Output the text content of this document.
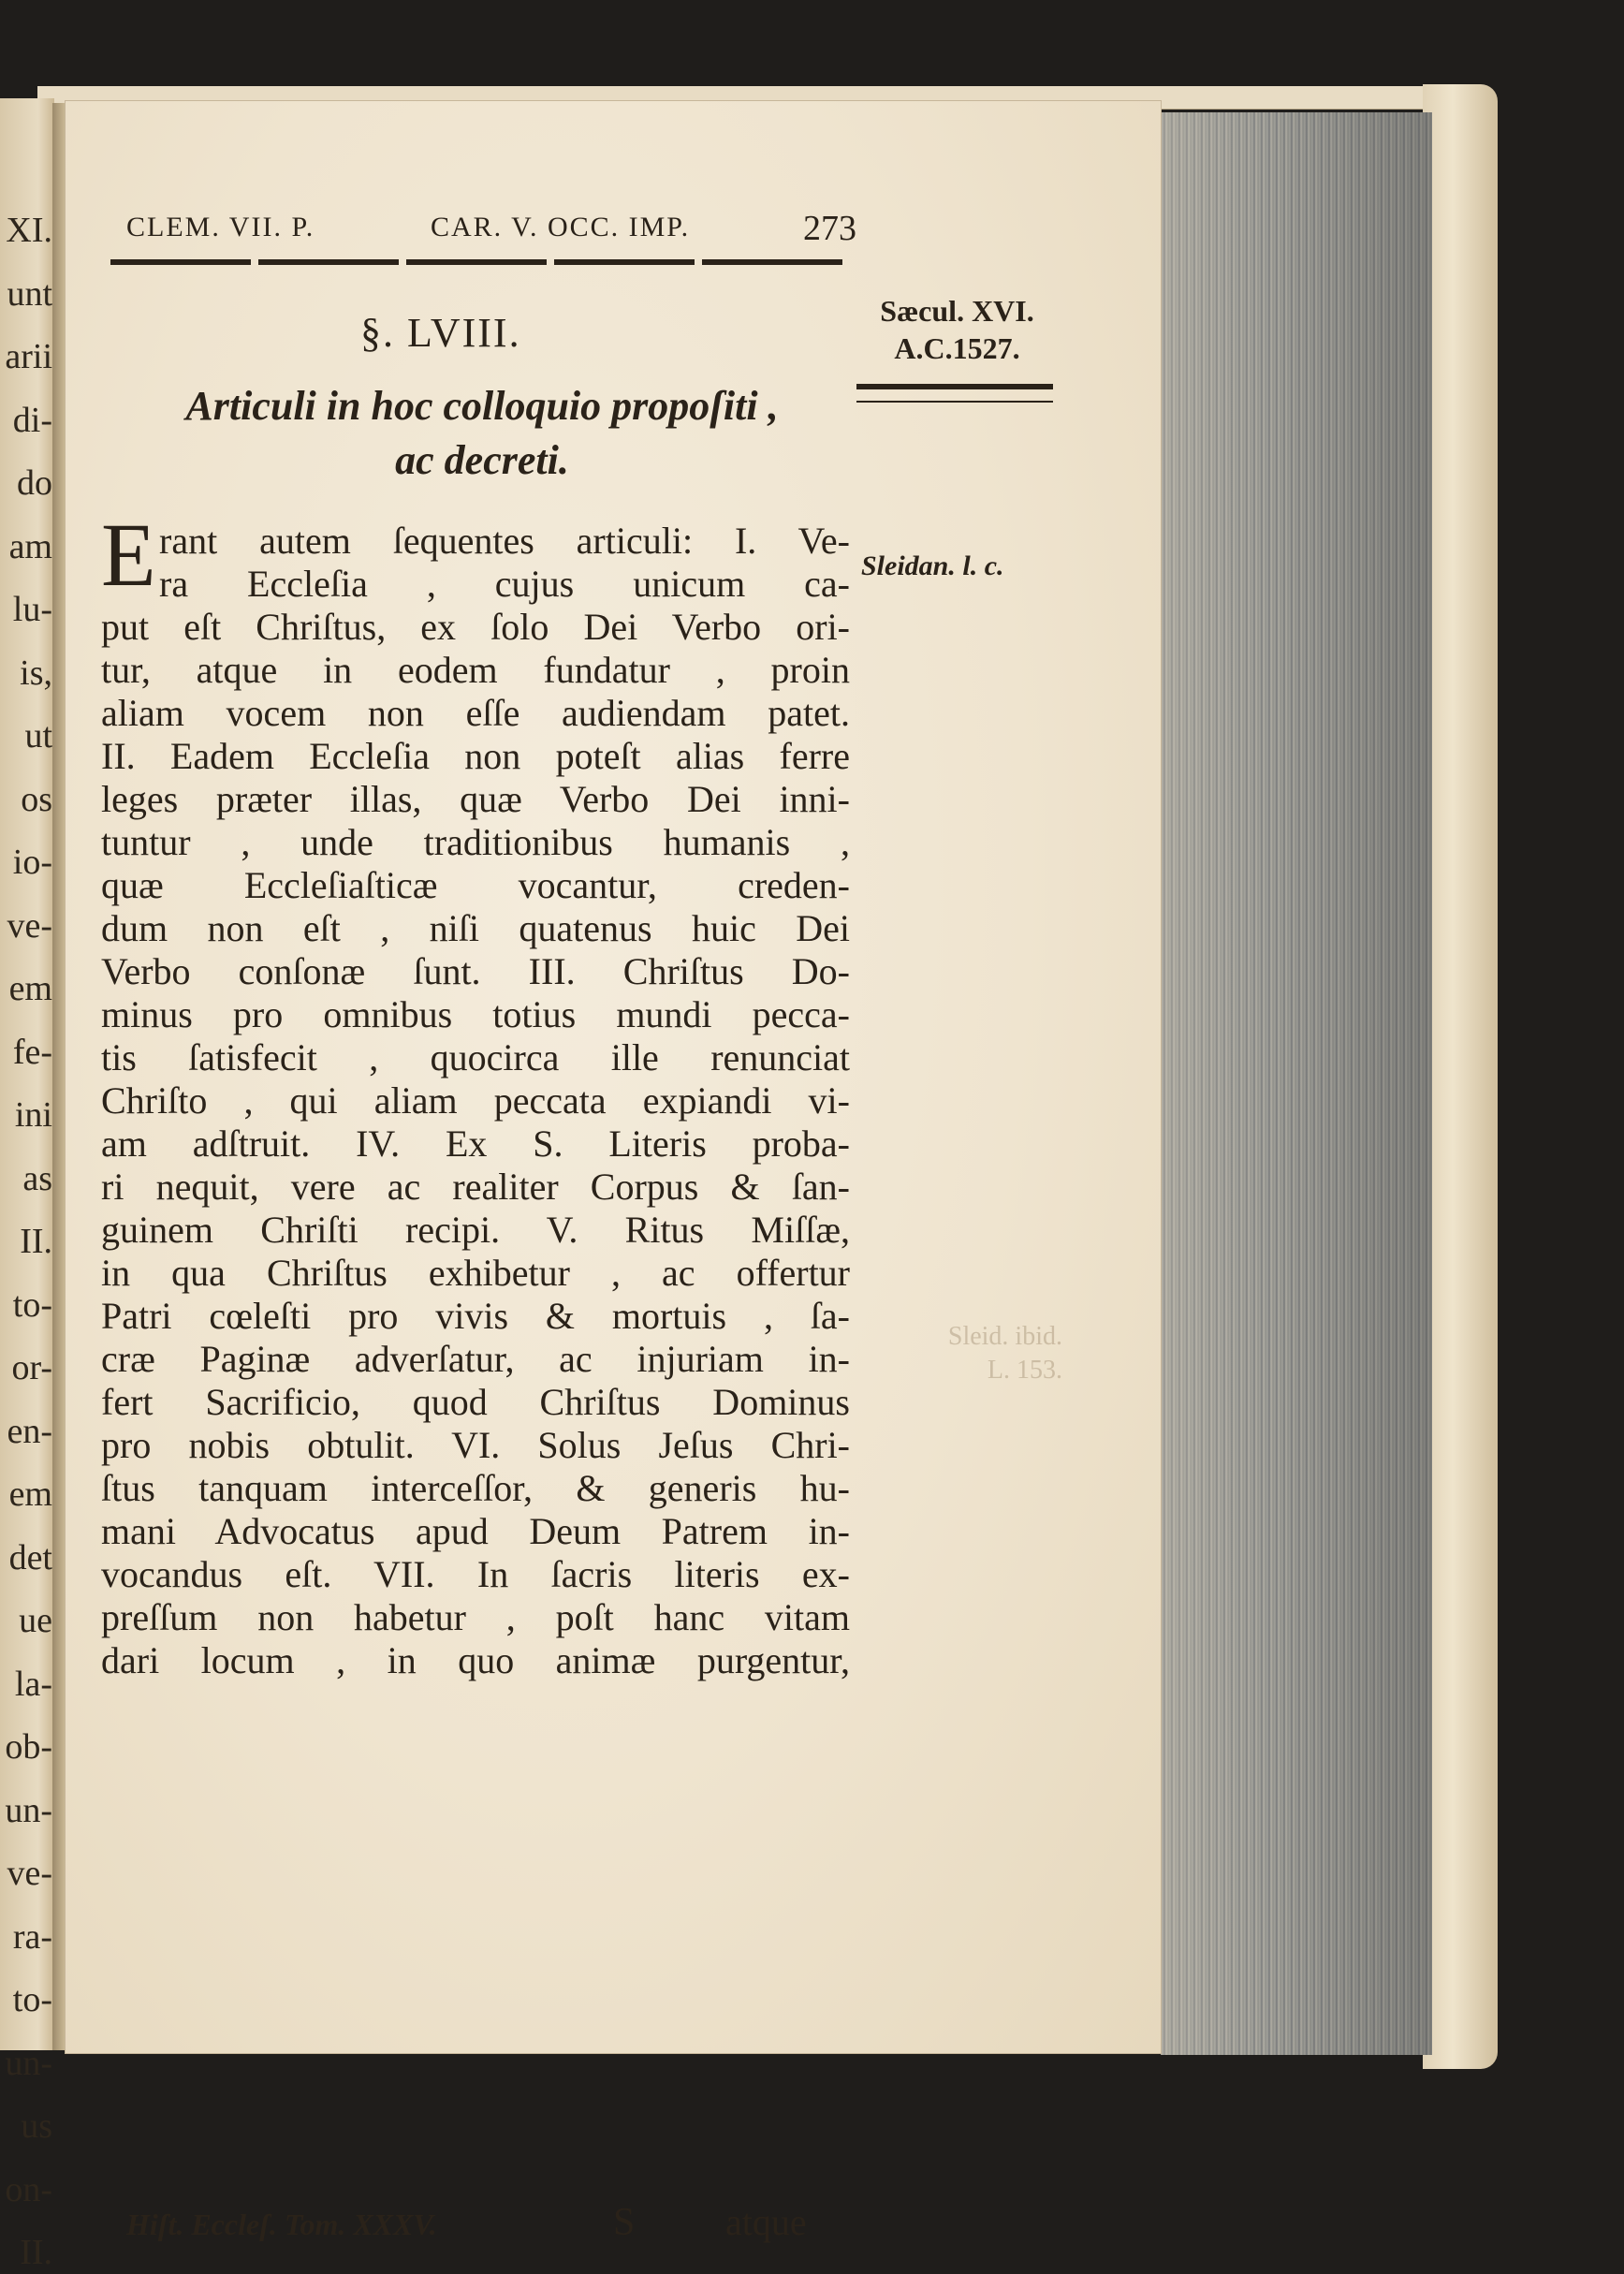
XI.
unt
arii
di-
do
am
lu-
is,
ut
os
io-
ve-
em
fe-
ini
as
II.
to-
or-
en-
em
det
ue
la-
ob-
un-
ve-
ra-
to-
un-
us
on-
II.
CLEM. VII. P.	CAR. V. OCC. IMP.	273
Sæcul. XVI.
A.C.1527.
Sleidan. l. c.
Sleid. ibid.
L. 153.
§. LVIII.
Articuli in hoc colloquio propoſiti ,
ac decreti.
E rant autem ſequentes articuli: I. Ve-
ra Eccleſia , cujus unicum ca-
put eſt Chriſtus, ex ſolo Dei Verbo ori-
tur, atque in eodem fundatur , proin
aliam vocem non eſſe audiendam patet.
II. Eadem Eccleſia non poteſt alias ferre
leges præter illas, quæ Verbo Dei inni-
tuntur , unde traditionibus humanis ,
quæ Eccleſiaſticæ vocantur, creden-
dum non eſt , niſi quatenus huic Dei
Verbo conſonæ ſunt. III. Chriſtus Do-
minus pro omnibus totius mundi pecca-
tis ſatisfecit , quocirca ille renunciat
Chriſto , qui aliam peccata expiandi vi-
am adſtruit. IV. Ex S. Literis proba-
ri nequit, vere ac realiter Corpus & ſan-
guinem Chriſti recipi. V. Ritus Miſſæ,
in qua Chriſtus exhibetur , ac offertur
Patri cœleſti pro vivis & mortuis , ſa-
cræ Paginæ adverſatur, ac injuriam in-
fert Sacrificio, quod Chriſtus Dominus
pro nobis obtulit. VI. Solus Jeſus Chri-
ſtus tanquam interceſſor, & generis hu-
mani Advocatus apud Deum Patrem in-
vocandus eſt. VII. In ſacris literis ex-
preſſum non habetur , poſt hanc vitam
dari locum , in quo animæ purgentur,
Hiſt. Eccleſ. Tom. XXXV.	S atque
